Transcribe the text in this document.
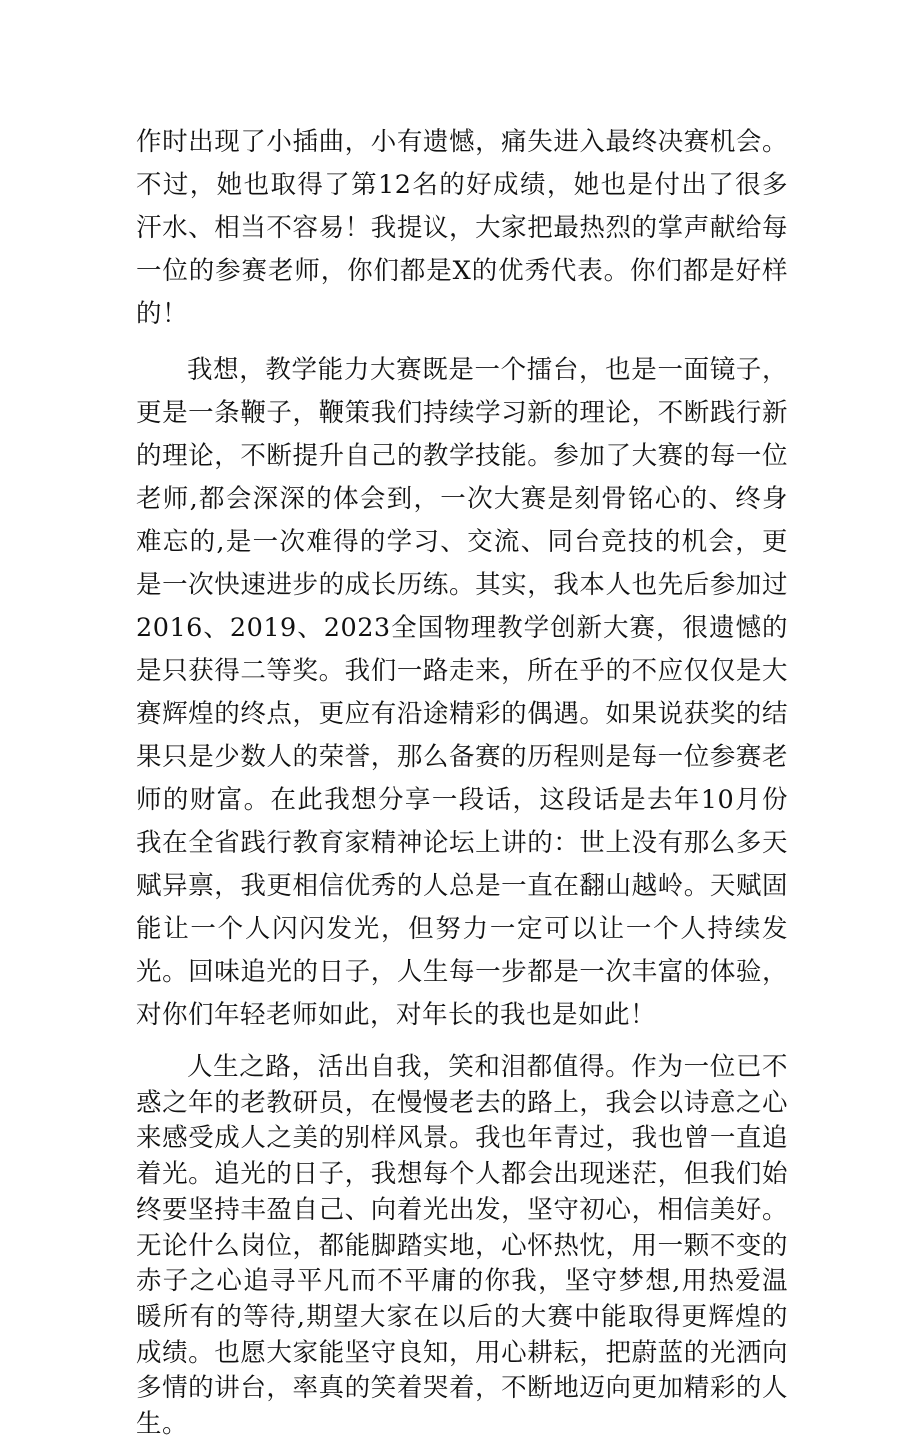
作时出现了小插曲，小有遗憾，痛失进入最终决赛机会。不过，她也取得了第12名的好成绩，她也是付出了很多汗水、相当不容易！我提议，大家把最热烈的掌声献给每一位的参赛老师，你们都是X的优秀代表。你们都是好样的！

我想，教学能力大赛既是一个擂台，也是一面镜子，更是一条鞭子，鞭策我们持续学习新的理论，不断践行新的理论，不断提升自己的教学技能。参加了大赛的每一位老师,都会深深的体会到，一次大赛是刻骨铭心的、终身难忘的,是一次难得的学习、交流、同台竞技的机会，更是一次快速进步的成长历练。其实，我本人也先后参加过2016、2019、2023全国物理教学创新大赛，很遗憾的是只获得二等奖。我们一路走来，所在乎的不应仅仅是大赛辉煌的终点，更应有沿途精彩的偶遇。如果说获奖的结果只是少数人的荣誉，那么备赛的历程则是每一位参赛老师的财富。在此我想分享一段话，这段话是去年10月份我在全省践行教育家精神论坛上讲的：世上没有那么多天赋异禀，我更相信优秀的人总是一直在翻山越岭。天赋固能让一个人闪闪发光，但努力一定可以让一个人持续发光。回味追光的日子，人生每一步都是一次丰富的体验，对你们年轻老师如此，对年长的我也是如此！

人生之路，活出自我，笑和泪都值得。作为一位已不惑之年的老教研员，在慢慢老去的路上，我会以诗意之心来感受成人之美的别样风景。我也年青过，我也曾一直追着光。追光的日子，我想每个人都会出现迷茫，但我们始终要坚持丰盈自己、向着光出发，坚守初心，相信美好。无论什么岗位，都能脚踏实地，心怀热忱，用一颗不变的赤子之心追寻平凡而不平庸的你我，坚守梦想,用热爱温暖所有的等待,期望大家在以后的大赛中能取得更辉煌的成绩。也愿大家能坚守良知，用心耕耘，把蔚蓝的光洒向多情的讲台，率真的笑着哭着，不断地迈向更加精彩的人生。
